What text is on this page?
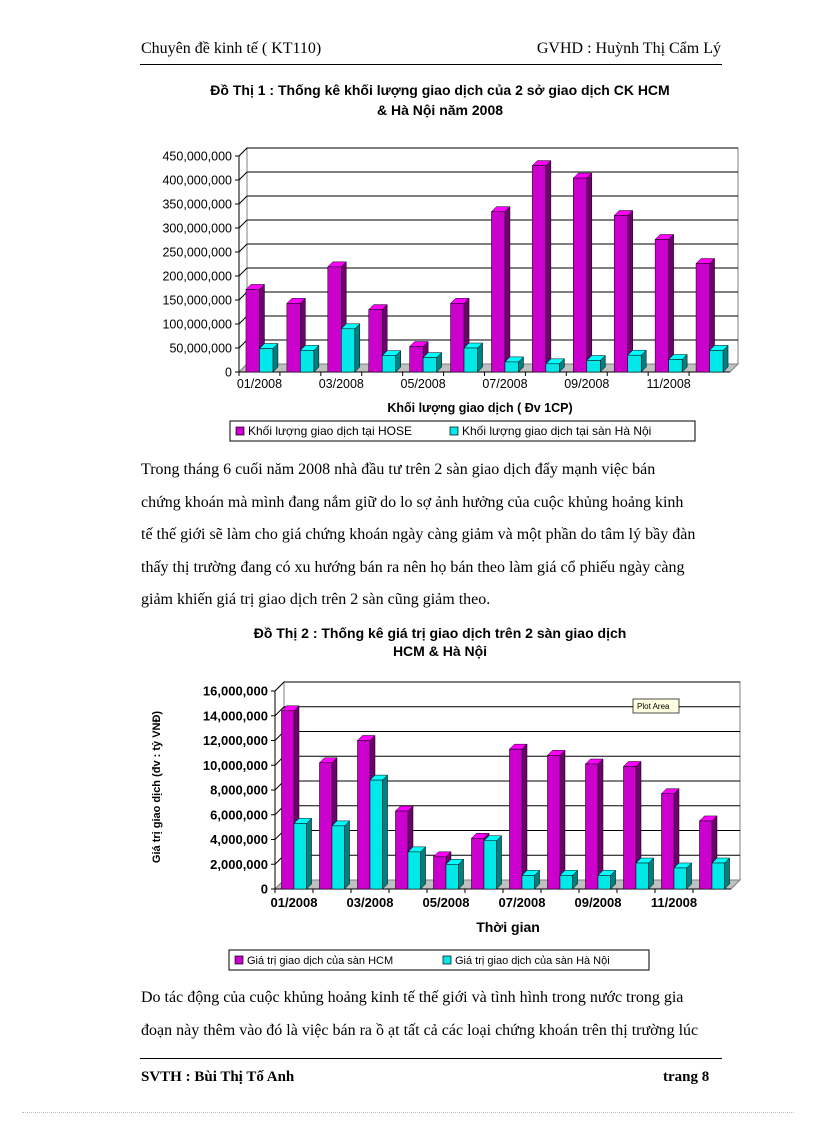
Chuyên đề kinh tế ( KT110)	GVHD : Huỳnh Thị Cẩm Lý
Đồ Thị 1 : Thống kê khối lượng giao dịch của 2 sở giao dịch CK HCM
& Hà Nội năm 2008
0
50,000,000
100,000,000
150,000,000
200,000,000
250,000,000
300,000,000
350,000,000
400,000,000
450,000,000
01/2008	03/2008	05/2008	07/2008	09/2008	11/2008
Khối lượng giao dịch ( Đv 1CP)
Khối lượng giao dịch tại HOSE	Khối lượng giao dịch tại sàn Hà Nội
Trong tháng 6 cuối năm 2008 nhà đầu tư trên 2 sàn giao dịch đẩy mạnh việc bán
chứng khoán mà mình đang nắm giữ do lo sợ ảnh hưởng của cuộc khủng hoảng kinh
tế thế giới sẽ làm cho giá chứng khoán ngày càng giảm và một phần do tâm lý bầy đàn
thấy thị trường đang có xu hướng bán ra nên họ bán theo làm giá cổ phiếu ngày càng
giảm khiến giá trị giao dịch trên 2 sàn cũng giảm theo.
Đồ Thị 2 : Thống kê giá trị giao dịch trên 2 sàn giao dịch
HCM & Hà Nội
0
2,000,000
4,000,000
6,000,000
8,000,000
10,000,000
12,000,000
14,000,000
16,000,000
01/2008 03/2008 05/2008 07/2008 09/2008 11/2008
Thời gian
Giá trị giao dịch (đv : tỷ VNĐ)
Giá trị giao dịch của sàn HCM	Giá trị giao dịch của sàn Hà Nội
Plot Area
Do tác động của cuộc khủng hoảng kinh tế thế giới và tình hình trong nước trong gia
đoạn này thêm vào đó là việc bán ra ồ ạt tất cả các loại chứng khoán trên thị trường lúc
SVTH : Bùi Thị Tố Anh	trang 8
